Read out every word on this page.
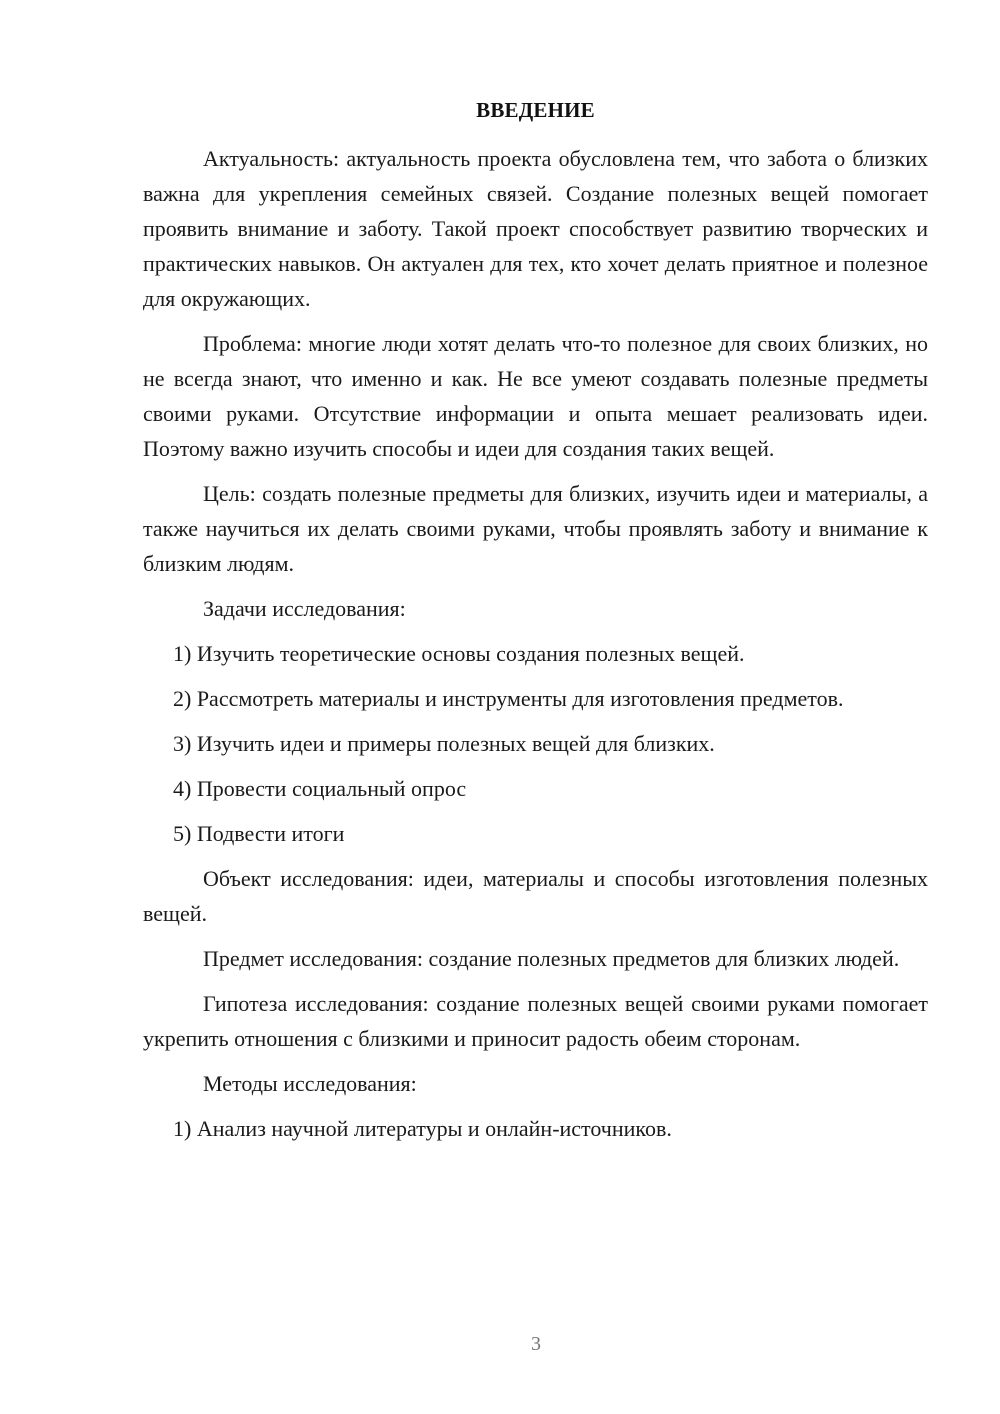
ВВЕДЕНИЕ

Актуальность: актуальность проекта обусловлена тем, что забота о близких важна для укрепления семейных связей. Создание полезных вещей помогает проявить внимание и заботу. Такой проект способствует развитию творческих и практических навыков. Он актуален для тех, кто хочет делать приятное и полезное для окружающих.

Проблема: многие люди хотят делать что-то полезное для своих близких, но не всегда знают, что именно и как. Не все умеют создавать полезные предметы своими руками. Отсутствие информации и опыта мешает реализовать идеи. Поэтому важно изучить способы и идеи для создания таких вещей.

Цель: создать полезные предметы для близких, изучить идеи и материалы, а также научиться их делать своими руками, чтобы проявлять заботу и внимание к близким людям.

Задачи исследования:

1) Изучить теоретические основы создания полезных вещей.

2) Рассмотреть материалы и инструменты для изготовления предметов.

3) Изучить идеи и примеры полезных вещей для близких.

4) Провести социальный опрос

5) Подвести итоги

Объект исследования: идеи, материалы и способы изготовления полезных вещей.

Предмет исследования: создание полезных предметов для близких людей.

Гипотеза исследования: создание полезных вещей своими руками помогает укрепить отношения с близкими и приносит радость обеим сторонам.

Методы исследования:

1) Анализ научной литературы и онлайн-источников.

3
